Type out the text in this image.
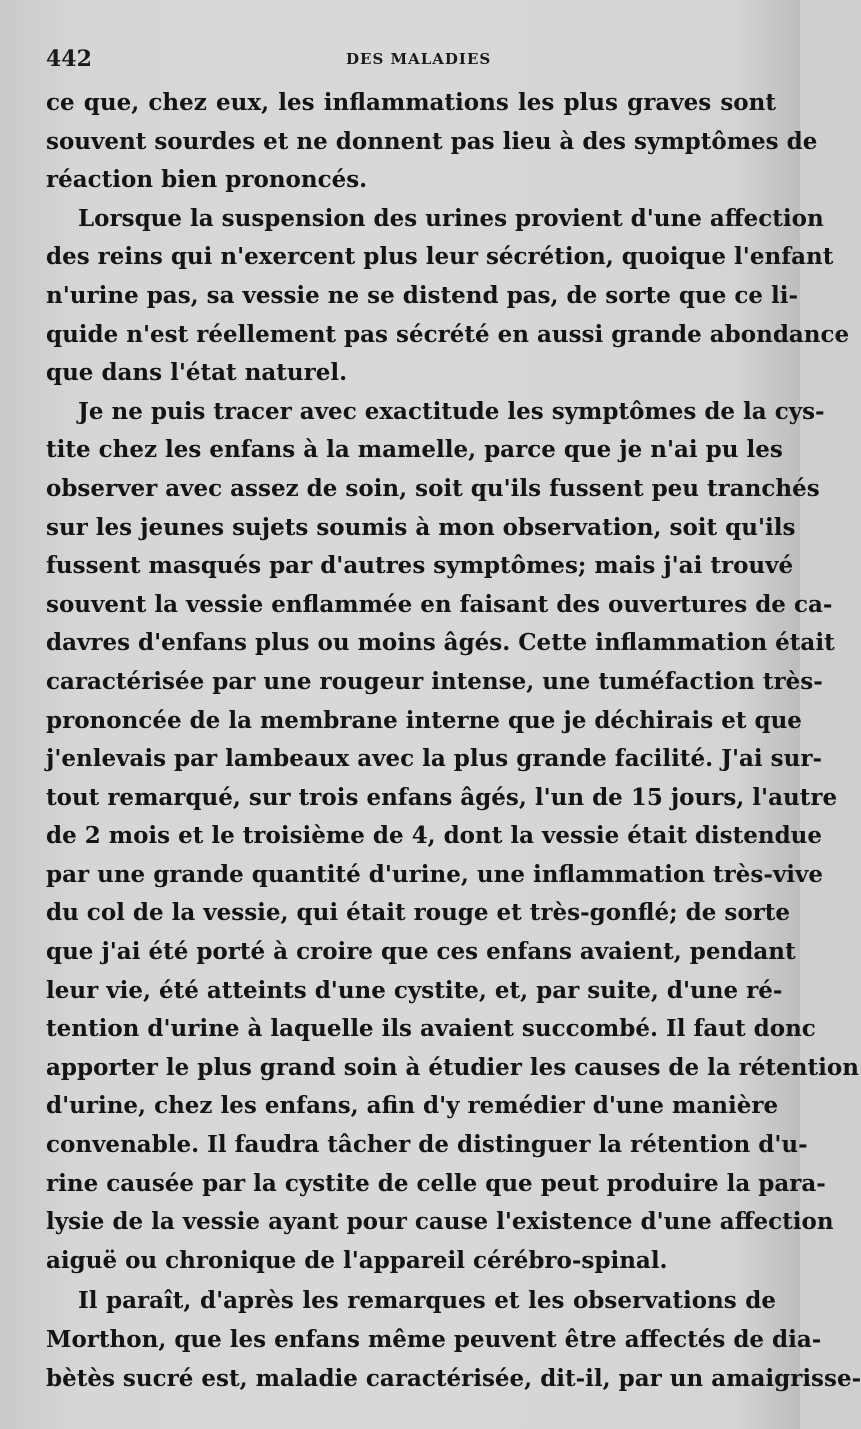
442	DES MALADIES
ce que, chez eux, les inflammations les plus graves sont
souvent sourdes et ne donnent pas lieu à des symptômes de
réaction bien prononcés.
Lorsque la suspension des urines provient d'une affection
des reins qui n'exercent plus leur sécrétion, quoique l'enfant
n'urine pas, sa vessie ne se distend pas, de sorte que ce li-
quide n'est réellement pas sécrété en aussi grande abondance
que dans l'état naturel.
Je ne puis tracer avec exactitude les symptômes de la cys-
tite chez les enfans à la mamelle, parce que je n'ai pu les
observer avec assez de soin, soit qu'ils fussent peu tranchés
sur les jeunes sujets soumis à mon observation, soit qu'ils
fussent masqués par d'autres symptômes; mais j'ai trouvé
souvent la vessie enflammée en faisant des ouvertures de ca-
davres d'enfans plus ou moins âgés. Cette inflammation était
caractérisée par une rougeur intense, une tuméfaction très-
prononcée de la membrane interne que je déchirais et que
j'enlevais par lambeaux avec la plus grande facilité. J'ai sur-
tout remarqué, sur trois enfans âgés, l'un de 15 jours, l'autre
de 2 mois et le troisième de 4, dont la vessie était distendue
par une grande quantité d'urine, une inflammation très-vive
du col de la vessie, qui était rouge et très-gonflé; de sorte
que j'ai été porté à croire que ces enfans avaient, pendant
leur vie, été atteints d'une cystite, et, par suite, d'une ré-
tention d'urine à laquelle ils avaient succombé. Il faut donc
apporter le plus grand soin à étudier les causes de la rétention
d'urine, chez les enfans, afin d'y remédier d'une manière
convenable. Il faudra tâcher de distinguer la rétention d'u-
rine causée par la cystite de celle que peut produire la para-
lysie de la vessie ayant pour cause l'existence d'une affection
aiguë ou chronique de l'appareil cérébro-spinal.
Il paraît, d'après les remarques et les observations de
Morthon, que les enfans même peuvent être affectés de dia-
bètès sucré est, maladie caractérisée, dit-il, par un amaigrisse-
